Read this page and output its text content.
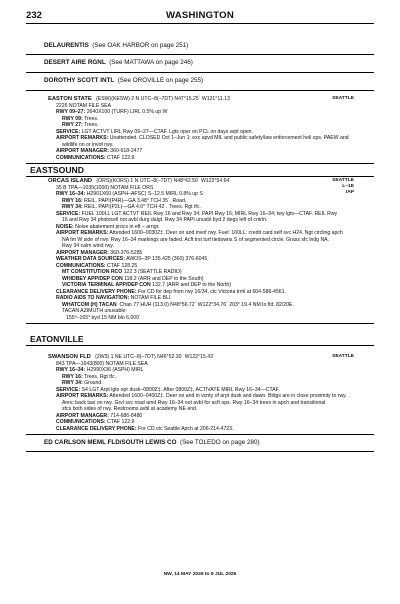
232	WASHINGTON
DELAURENTIS (See OAK HARBOR on page 251)
DESERT AIRE RGNL (See MATTAWA on page 246)
DOROTHY SCOTT INTL (See OROVILLE on page 255)
EASTON STATE (ESW)(KESW) 2 N UTC–8(–7DT) N47°15.25´ W121°11.13´	SEATTLE
2226 NOTAM FILE SEA
RWY 09–27: 2640X100 (TURF) LIRL 0.5% up W
RWY 09: Trees.
RWY 27: Trees.
SERVICE: LGT ACTVT LIRL Rwy 09–27—CTAF. Lgts oper on PCL on days arpt open.
AIRPORT REMARKS: Unattended. CLOSED Oct 1–Jun 1; exc apvd MIL and public safety/law enforcement heli ops. PAEW and
wildlife on or invof rwy.
AIRPORT MANAGER: 360-618-2477
COMMUNICATIONS: CTAF 122.9
EASTSOUND
ORCAS ISLAND (ORS)(KORS) 1 N UTC–8(–7DT) N48°42.50´ W122°54.64´	SEATTLE
L–1E
IAP
35 B TPA—1035(1000) NOTAM FILE ORS
RWY 16–34: H2901X60 (ASPH–AFSC) S–12.5 MIRL 0.8% up S
RWY 16: REIL. PAPI(P4R)—GA 3.48° TCH 35´. Road.
RWY 34: REIL. PAPI(P2L)—GA 4.0° TCH 42´. Trees. Rgt tfc.
SERVICE: FUEL 100LL LGT ACTVT REIL Rwy 16 and Rwy 34; PAPI Rwy 16; MIRL Rwy 16–34; twy lgts—CTAF. REIL Rwy
16 and Rwy 34 photocell not avbl durg dalgt. Rwy 34 PAPI unusbl byd 2 degs left of cntrln.
NOISE: Noise abatement procs in eft – arngr.
AIRPORT REMARKS: Attended 1600–0030Z‡. Deer on and invof rwy. Fuel: 100LL: credit card self svc H24. Ngt circling apch
NA fm W side of rwy. Rwy 16–34 markings are faded. Acft trst turf tiedowns S of segmented circle. Grass sfc lndg NA.
Rwy 34 calm wind rwy.
AIRPORT MANAGER: 360-376-5285
WEATHER DATA SOURCES: AWOS–3P 135.425 (360) 376-6045.
COMMUNICATIONS: CTAF 128.25
MT CONSTITUTION RCO 122.3 (SEATTLE RADIO)
WHIDBEY APP/DEP CON 118.2 (ARR and DEP to the South)
VICTORIA TERMINAL APP/DEP CON 132.7 (ARR and DEP to the North)
CLEARANCE DELIVERY PHONE: For CD for dep from rwy 16/34, ctc Victoria trml at 604-586-4561.
RADIO AIDS TO NAVIGATION: NOTAM FILE BLI.
WHATCOM (H) TACAN Chan 77 HUH (113.0) N48°56.72´ W122°34.76´ 203° 19.4 NM to fld. 82/20E.
TACAN AZIMUTH unusable:
155°–165° byd 15 NM blo 6,000´
EATONVILLE
SWANSON FLD (2W3) 1 NE UTC–8(–7DT) N46°52.30´ W122°15.43´	SEATTLE
843 TPA—1643(800) NOTAM FILE SEA
RWY 16–34: H2990X36 (ASPH) MIRL
RWY 16: Trees. Rgt tfc.
RWY 34: Ground.
SERVICE: S4 LGT Arpt lgts opr dusk–0800Z‡. After 0800Z‡, ACTIVATE MIRL Rwy 16–34—CTAF.
AIRPORT REMARKS: Attended 1600–0400Z‡. Deer on and in vcnty of arpt dusk and dawn. Bldgs are in close proximity to rwy.
Annc back taxi on rwy. Grvl svc road amd Rwy 16–34 not avbl for acft ops. Rwy 16–34 trees in apch and transitional
sfcs both sides of rwy. Restrooms avbl at academy NE end.
AIRPORT MANAGER: 714-686-8480
COMMUNICATIONS: CTAF 122.9
CLEARANCE DELIVERY PHONE: For CD ctc Seattle Apch at 206-214-4723.
ED CARLSON MEML FLD/SOUTH LEWIS CO (See TOLEDO on page 280)
NW, 14 MAY 2026 to 9 JUL 2026
